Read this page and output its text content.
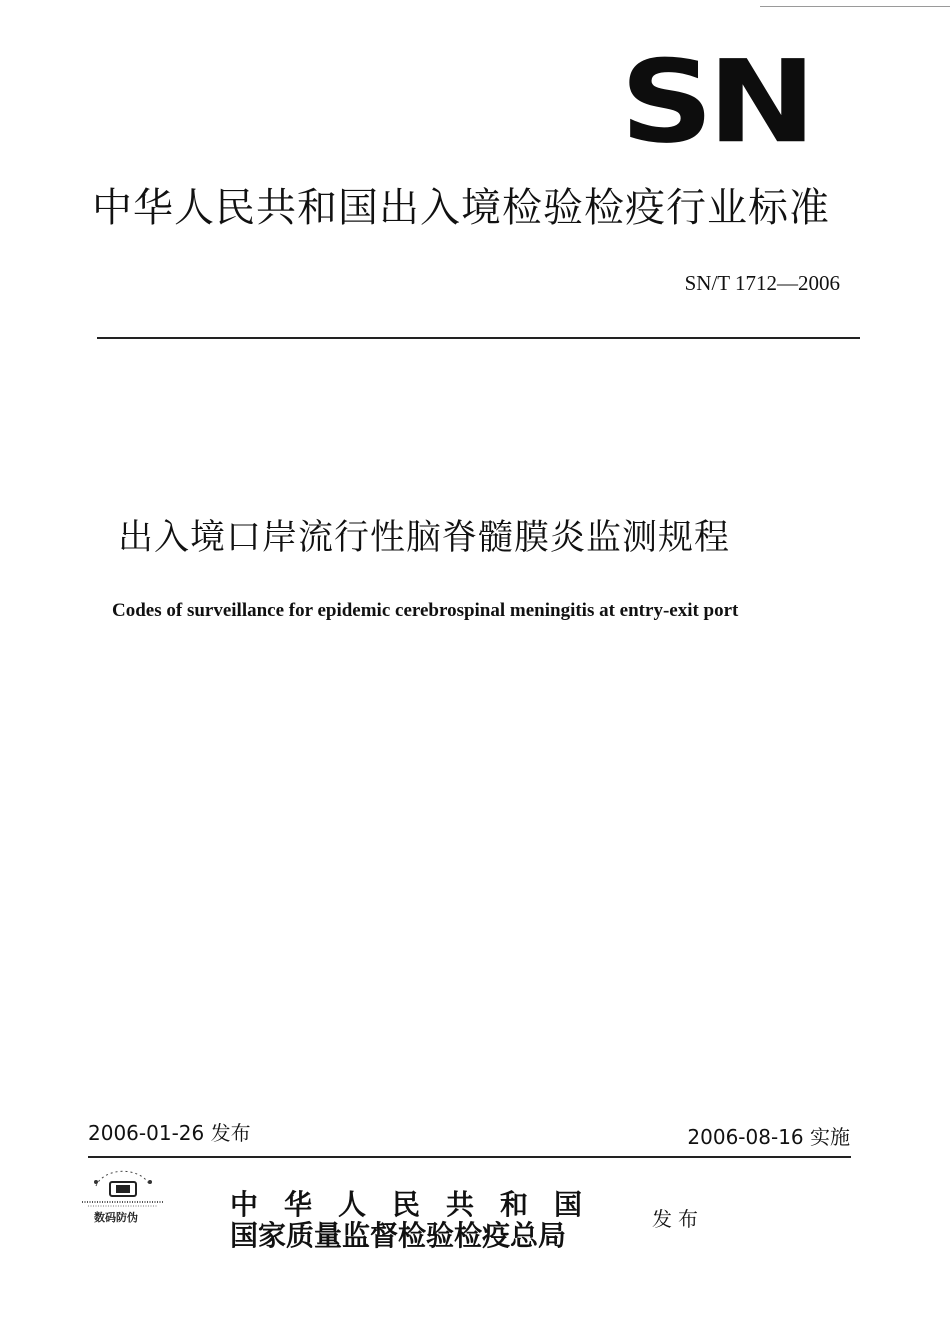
SN
中华人民共和国出入境检验检疫行业标准
SN/T 1712—2006
出入境口岸流行性脑脊髓膜炎监测规程
Codes of surveillance for epidemic cerebrospinal meningitis at entry-exit port
2006-01-26 发布	2006-08-16 实施
数码防伪	中华人民共和国
国家质量监督检验检疫总局
发布
